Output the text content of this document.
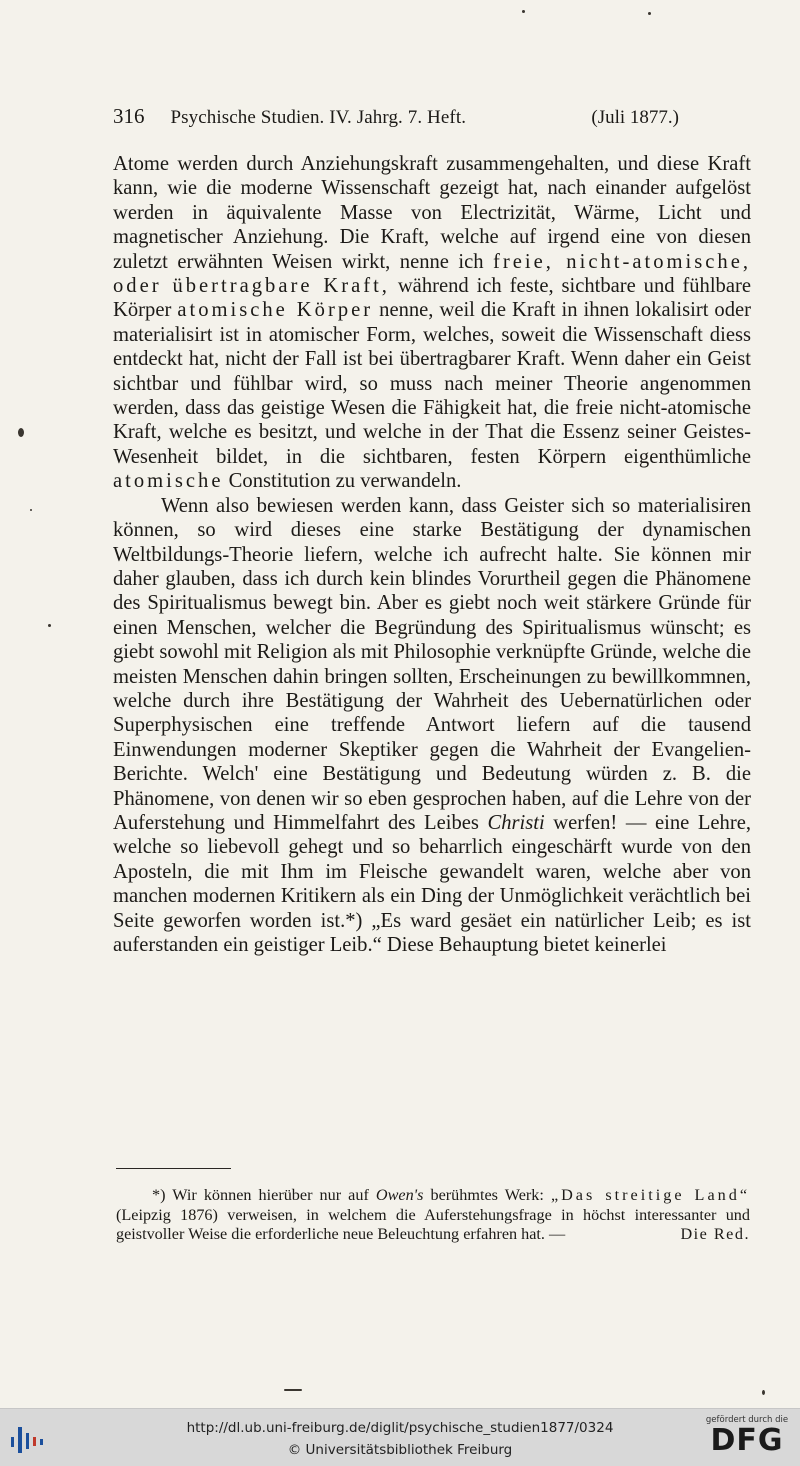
316 Psychische Studien. IV. Jahrg. 7. Heft.	(Juli 1877.)

Atome werden durch Anziehungskraft zusammengehalten, und diese Kraft kann, wie die moderne Wissenschaft gezeigt hat, nach einander aufgelöst werden in äquivalente Masse von Electrizität, Wärme, Licht und magnetischer Anziehung. Die Kraft, welche auf irgend eine von diesen zuletzt erwähnten Weisen wirkt, nenne ich freie, nicht-atomische, oder übertragbare Kraft, während ich feste, sichtbare und fühlbare Körper atomische Körper nenne, weil die Kraft in ihnen lokalisirt oder materialisirt ist in atomischer Form, welches, soweit die Wissenschaft diess entdeckt hat, nicht der Fall ist bei übertragbarer Kraft. Wenn daher ein Geist sichtbar und fühlbar wird, so muss nach meiner Theorie angenommen werden, dass das geistige Wesen die Fähigkeit hat, die freie nicht-atomische Kraft, welche es besitzt, und welche in der That die Essenz seiner Geistes-Wesenheit bildet, in die sichtbaren, festen Körpern eigenthümliche atomische Constitution zu verwandeln.

Wenn also bewiesen werden kann, dass Geister sich so materialisiren können, so wird dieses eine starke Bestätigung der dynamischen Weltbildungs-Theorie liefern, welche ich aufrecht halte. Sie können mir daher glauben, dass ich durch kein blindes Vorurtheil gegen die Phänomene des Spiritualismus bewegt bin. Aber es giebt noch weit stärkere Gründe für einen Menschen, welcher die Begründung des Spiritualismus wünscht; es giebt sowohl mit Religion als mit Philosophie verknüpfte Gründe, welche die meisten Menschen dahin bringen sollten, Erscheinungen zu bewillkommnen, welche durch ihre Bestätigung der Wahrheit des Uebernatürlichen oder Superphysischen eine treffende Antwort liefern auf die tausend Einwendungen moderner Skeptiker gegen die Wahrheit der Evangelien-Berichte. Welch' eine Bestätigung und Bedeutung würden z. B. die Phänomene, von denen wir so eben gesprochen haben, auf die Lehre von der Auferstehung und Himmelfahrt des Leibes Christi werfen! — eine Lehre, welche so liebevoll gehegt und so beharrlich eingeschärft wurde von den Aposteln, die mit Ihm im Fleische gewandelt waren, welche aber von manchen modernen Kritikern als ein Ding der Unmöglichkeit verächtlich bei Seite geworfen worden ist.*) „Es ward gesäet ein natürlicher Leib; es ist auferstanden ein geistiger Leib.“ Diese Behauptung bietet keinerlei

*) Wir können hierüber nur auf Owen's berühmtes Werk: „Das streitige Land“ (Leipzig 1876) verweisen, in welchem die Auferstehungsfrage in höchst interessanter und geistvoller Weise die erforderliche neue Beleuchtung erfahren hat. —	Die Red.

http://dl.ub.uni-freiburg.de/diglit/psychische_studien1877/0324
© Universitätsbibliothek Freiburg
gefördert durch die
DFG
